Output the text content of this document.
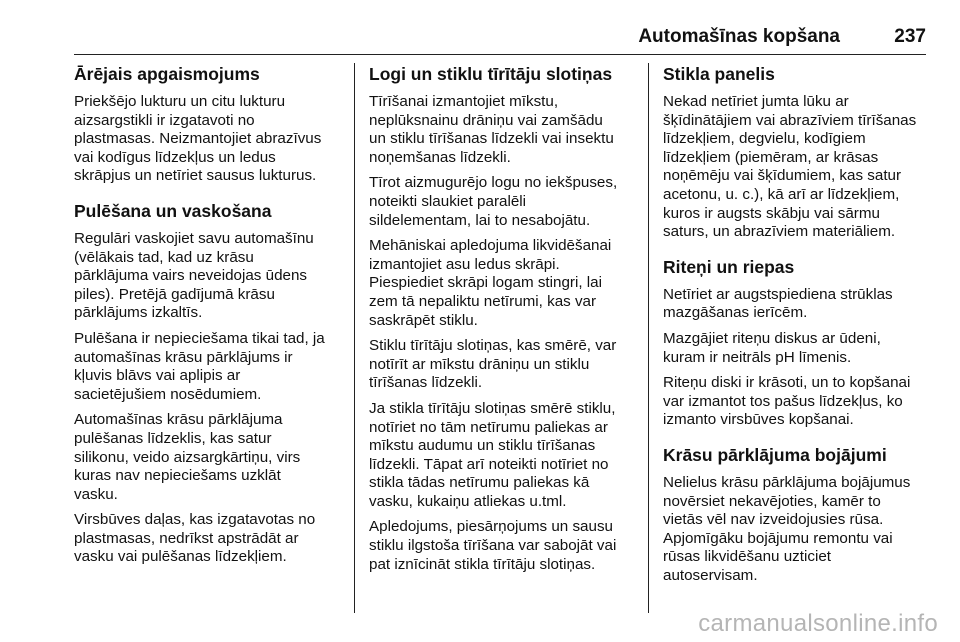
Automašīnas kopšana	237
Ārējais apgaismojums

Priekšējo lukturu un citu lukturu
aizsargstikli ir izgatavoti no
plastmasas. Neizmantojiet abrazīvus
vai kodīgus līdzekļus un ledus
skrāpjus un netīriet sausus lukturus.

Pulēšana un vaskošana

Regulāri vaskojiet savu automašīnu
(vēlākais tad, kad uz krāsu
pārklājuma vairs neveidojas ūdens
piles). Pretējā gadījumā krāsu
pārklājums izkaltīs.

Pulēšana ir nepieciešama tikai tad, ja
automašīnas krāsu pārklājums ir
kļuvis blāvs vai aplipis ar
sacietējušiem nosēdumiem.

Automašīnas krāsu pārklājuma
pulēšanas līdzeklis, kas satur
silikonu, veido aizsargkārtiņu, virs
kuras nav nepieciešams uzklāt
vasku.

Virsbūves daļas, kas izgatavotas no
plastmasas, nedrīkst apstrādāt ar
vasku vai pulēšanas līdzekļiem.

Logi un stiklu tīrītāju slotiņas

Tīrīšanai izmantojiet mīkstu,
neplūksnainu drāniņu vai zamšādu
un stiklu tīrīšanas līdzekli vai insektu
noņemšanas līdzekli.

Tīrot aizmugurējo logu no iekšpuses,
noteikti slaukiet paralēli
sildelementam, lai to nesabojātu.

Mehāniskai apledojuma likvidēšanai
izmantojiet asu ledus skrāpi.
Piespiediet skrāpi logam stingri, lai
zem tā nepaliktu netīrumi, kas var
saskrāpēt stiklu.

Stiklu tīrītāju slotiņas, kas smērē, var
notīrīt ar mīkstu drāniņu un stiklu
tīrīšanas līdzekli.

Ja stikla tīrītāju slotiņas smērē stiklu,
notīriet no tām netīrumu paliekas ar
mīkstu audumu un stiklu tīrīšanas
līdzekli. Tāpat arī noteikti notīriet no
stikla tādas netīrumu paliekas kā
vasku, kukaiņu atliekas u.tml.

Apledojums, piesārņojums un sausu
stiklu ilgstoša tīrīšana var sabojāt vai
pat iznīcināt stikla tīrītāju slotiņas.

Stikla panelis

Nekad netīriet jumta lūku ar
šķīdinātājiem vai abrazīviem tīrīšanas
līdzekļiem, degvielu, kodīgiem
līdzekļiem (piemēram, ar krāsas
noņēmēju vai šķīdumiem, kas satur
acetonu, u. c.), kā arī ar līdzekļiem,
kuros ir augsts skābju vai sārmu
saturs, un abrazīviem materiāliem.

Riteņi un riepas

Netīriet ar augstspiediena strūklas
mazgāšanas ierīcēm.

Mazgājiet riteņu diskus ar ūdeni,
kuram ir neitrāls pH līmenis.

Riteņu diski ir krāsoti, un to kopšanai
var izmantot tos pašus līdzekļus, ko
izmanto virsbūves kopšanai.

Krāsu pārklājuma bojājumi

Nelielus krāsu pārklājuma bojājumus
novērsiet nekavējoties, kamēr to
vietās vēl nav izveidojusies rūsa.
Apjomīgāku bojājumu remontu vai
rūsas likvidēšanu uzticiet
autoservisam.

carmanualsonline.info
